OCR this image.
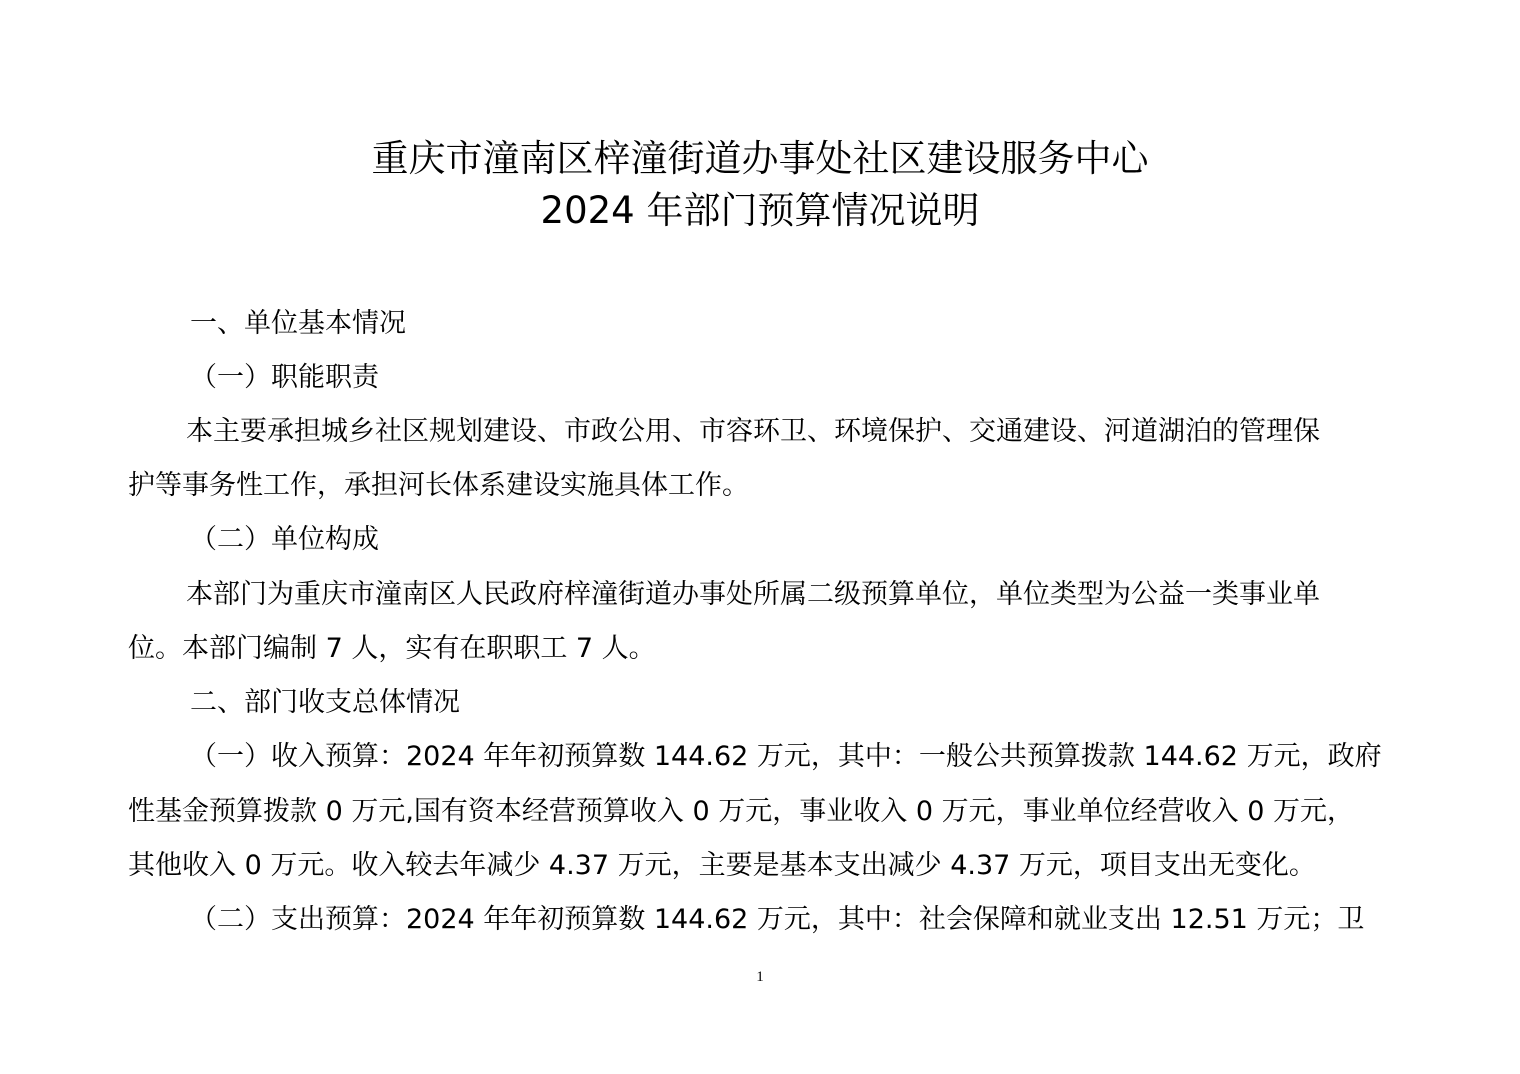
重庆市潼南区梓潼街道办事处社区建设服务中心
2024 年部门预算情况说明
一、单位基本情况
（一）职能职责
本主要承担城乡社区规划建设、市政公用、市容环卫、环境保护、交通建设、河道湖泊的管理保
护等事务性工作，承担河长体系建设实施具体工作。
（二）单位构成
本部门为重庆市潼南区人民政府梓潼街道办事处所属二级预算单位，单位类型为公益一类事业单
位。本部门编制 7 人，实有在职职工 7 人。
二、部门收支总体情况
（一）收入预算：2024 年年初预算数 144.62 万元，其中：一般公共预算拨款 144.62 万元，政府
性基金预算拨款 0 万元,国有资本经营预算收入 0 万元，事业收入 0 万元，事业单位经营收入 0 万元，
其他收入 0 万元。收入较去年减少 4.37 万元，主要是基本支出减少 4.37 万元，项目支出无变化。
（二）支出预算：2024 年年初预算数 144.62 万元，其中：社会保障和就业支出 12.51 万元；卫
1
